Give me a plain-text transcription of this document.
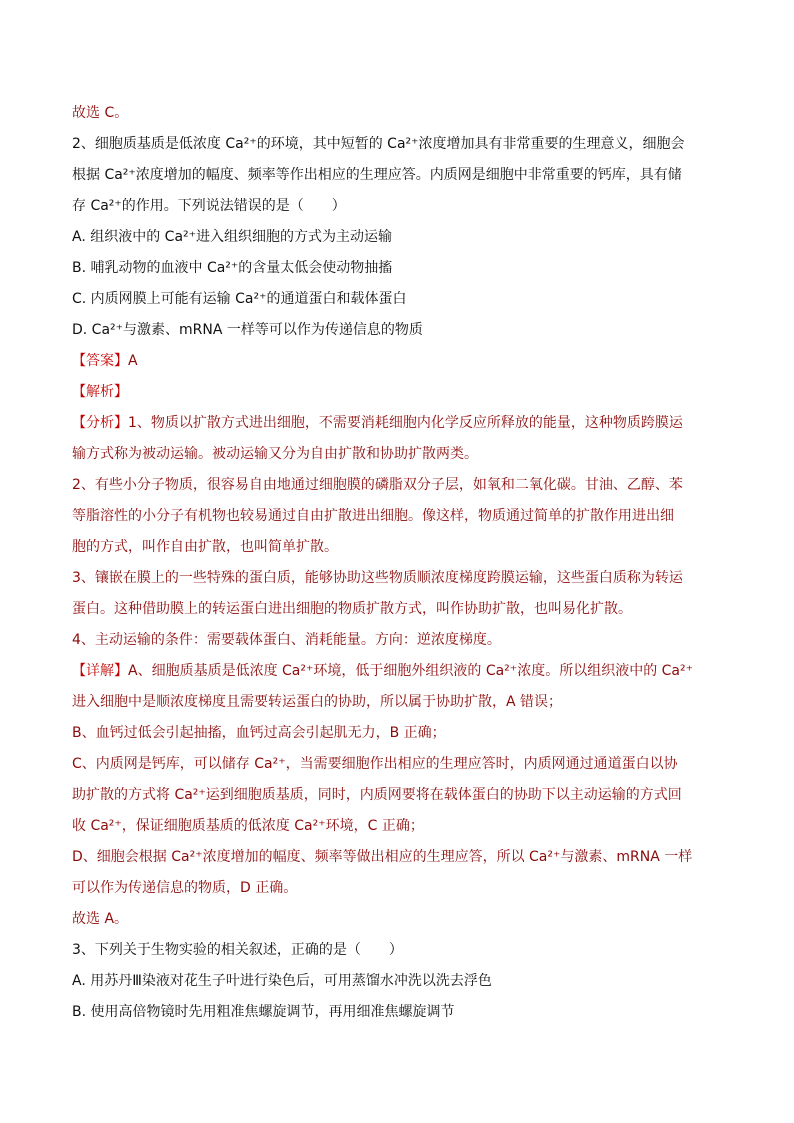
故选 C。
2、细胞质基质是低浓度 Ca²⁺的环境，其中短暂的 Ca²⁺浓度增加具有非常重要的生理意义，细胞会
根据 Ca²⁺浓度增加的幅度、频率等作出相应的生理应答。内质网是细胞中非常重要的钙库，具有储
存 Ca²⁺的作用。下列说法错误的是（　　）
A. 组织液中的 Ca²⁺进入组织细胞的方式为主动运输
B. 哺乳动物的血液中 Ca²⁺的含量太低会使动物抽搐
C. 内质网膜上可能有运输 Ca²⁺的通道蛋白和载体蛋白
D. Ca²⁺与激素、mRNA 一样等可以作为传递信息的物质
【答案】A
【解析】
【分析】1、物质以扩散方式进出细胞，不需要消耗细胞内化学反应所释放的能量，这种物质跨膜运
输方式称为被动运输。被动运输又分为自由扩散和协助扩散两类。
2、有些小分子物质，很容易自由地通过细胞膜的磷脂双分子层，如氧和二氧化碳。甘油、乙醇、苯
等脂溶性的小分子有机物也较易通过自由扩散进出细胞。像这样，物质通过简单的扩散作用进出细
胞的方式，叫作自由扩散，也叫简单扩散。
3、镶嵌在膜上的一些特殊的蛋白质，能够协助这些物质顺浓度梯度跨膜运输，这些蛋白质称为转运
蛋白。这种借助膜上的转运蛋白进出细胞的物质扩散方式，叫作协助扩散，也叫易化扩散。
4、主动运输的条件：需要载体蛋白、消耗能量。方向：逆浓度梯度。
【详解】A、细胞质基质是低浓度 Ca²⁺环境，低于细胞外组织液的 Ca²⁺浓度。所以组织液中的 Ca²⁺
进入细胞中是顺浓度梯度且需要转运蛋白的协助，所以属于协助扩散，A 错误；
B、血钙过低会引起抽搐，血钙过高会引起肌无力，B 正确；
C、内质网是钙库，可以储存 Ca²⁺，当需要细胞作出相应的生理应答时，内质网通过通道蛋白以协
助扩散的方式将 Ca²⁺运到细胞质基质，同时，内质网要将在载体蛋白的协助下以主动运输的方式回
收 Ca²⁺，保证细胞质基质的低浓度 Ca²⁺环境，C 正确；
D、细胞会根据 Ca²⁺浓度增加的幅度、频率等做出相应的生理应答，所以 Ca²⁺与激素、mRNA 一样
可以作为传递信息的物质，D 正确。
故选 A。
3、下列关于生物实验的相关叙述，正确的是（　　）
A. 用苏丹Ⅲ染液对花生子叶进行染色后，可用蒸馏水冲洗以洗去浮色
B. 使用高倍物镜时先用粗准焦螺旋调节，再用细准焦螺旋调节
